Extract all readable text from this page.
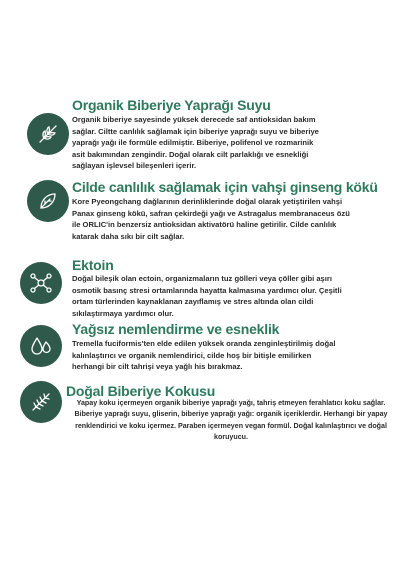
Organik Biberiye Yaprağı Suyu
Organik biberiye sayesinde yüksek derecede saf antioksidan bakım
sağlar. Ciltte canlılık sağlamak için biberiye yaprağı suyu ve biberiye
yaprağı yağı ile formüle edilmiştir. Biberiye, polifenol ve rozmarinik
asit bakımından zengindir. Doğal olarak cilt parlaklığı ve esnekliği
sağlayan işlevsel bileşenleri içerir.
Cilde canlılık sağlamak için vahşi ginseng kökü
Kore Pyeongchang dağlarının derinliklerinde doğal olarak yetiştirilen vahşi
Panax ginseng kökü, safran çekirdeği yağı ve Astragalus membranaceus özü
ile ORLIC'in benzersiz antioksidan aktivatörü haline getirilir. Cilde canlılık
katarak daha sıkı bir cilt sağlar.
Ektoin
Doğal bileşik olan ectoin, organizmaların tuz gölleri veya çöller gibi aşırı
osmotik basınç stresi ortamlarında hayatta kalmasına yardımcı olur. Çeşitli
ortam türlerinden kaynaklanan zayıflamış ve stres altında olan cildi
sıkılaştırmaya yardımcı olur.
Yağsız nemlendirme ve esneklik
Tremella fuciformis'ten elde edilen yüksek oranda zenginleştirilmiş doğal
kalınlaştırıcı ve organik nemlendirici, cilde hoş bir bitişle emilirken
herhangi bir cilt tahrişi veya yağlı his bırakmaz.
Doğal Biberiye Kokusu
Yapay koku içermeyen organik biberiye yaprağı yağı, tahriş etmeyen ferahlatıcı koku sağlar.
Biberiye yaprağı suyu, gliserin, biberiye yaprağı yağı: organik içeriklerdir. Herhangi bir yapay
renklendirici ve koku içermez. Paraben içermeyen vegan formül. Doğal kalınlaştırıcı ve doğal
koruyucu.
